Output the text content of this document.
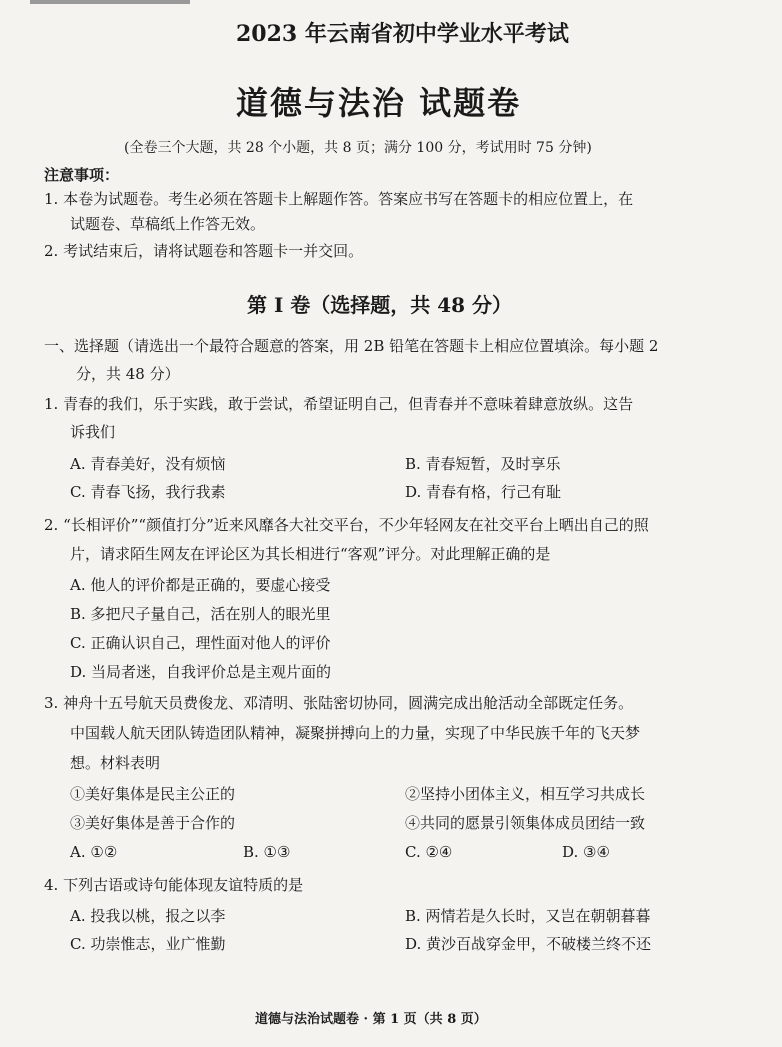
2023 年云南省初中学业水平考试
道德与法治 试题卷
(全卷三个大题，共 28 个小题，共 8 页；满分 100 分，考试用时 75 分钟)
注意事项：
1. 本卷为试题卷。考生必须在答题卡上解题作答。答案应书写在答题卡的相应位置上，在
试题卷、草稿纸上作答无效。
2. 考试结束后，请将试题卷和答题卡一并交回。
第 I 卷（选择题，共 48 分）
一、选择题（请选出一个最符合题意的答案，用 2B 铅笔在答题卡上相应位置填涂。每小题 2
分，共 48 分）
1. 青春的我们，乐于实践，敢于尝试，希望证明自己，但青春并不意味着肆意放纵。这告
诉我们
A. 青春美好，没有烦恼	B. 青春短暂，及时享乐
C. 青春飞扬，我行我素	D. 青春有格，行己有耻
2. “长相评价”“颜值打分”近来风靡各大社交平台，不少年轻网友在社交平台上晒出自己的照
片，请求陌生网友在评论区为其长相进行“客观”评分。对此理解正确的是
A. 他人的评价都是正确的，要虚心接受
B. 多把尺子量自己，活在别人的眼光里
C. 正确认识自己，理性面对他人的评价
D. 当局者迷，自我评价总是主观片面的
3. 神舟十五号航天员费俊龙、邓清明、张陆密切协同，圆满完成出舱活动全部既定任务。
中国载人航天团队铸造团队精神，凝聚拼搏向上的力量，实现了中华民族千年的飞天梦
想。材料表明
①美好集体是民主公正的	②坚持小团体主义，相互学习共成长
③美好集体是善于合作的	④共同的愿景引领集体成员团结一致
A. ①②	B. ①③	C. ②④	D. ③④
4. 下列古语或诗句能体现友谊特质的是
A. 投我以桃，报之以李	B. 两情若是久长时，又岂在朝朝暮暮
C. 功崇惟志，业广惟勤	D. 黄沙百战穿金甲，不破楼兰终不还
道德与法治试题卷 · 第 1 页（共 8 页）
